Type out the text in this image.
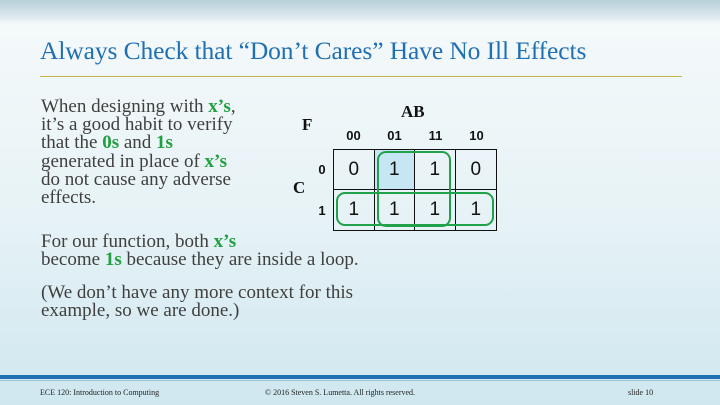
Always Check that “Don’t Cares” Have No Ill Effects
When designing with x’s,
it’s a good habit to verify
that the 0s and 1s
generated in place of x’s
do not cause any adverse
effects.
For our function, both x’s
become 1s because they are inside a loop.
(We don’t have any more context for this
example, so we are done.)
F
AB
C
00	01	11	10
0
1
0	1	1	0
1	1	1	1
ECE 120: Introduction to Computing	© 2016 Steven S. Lumetta. All rights reserved.	slide 10
